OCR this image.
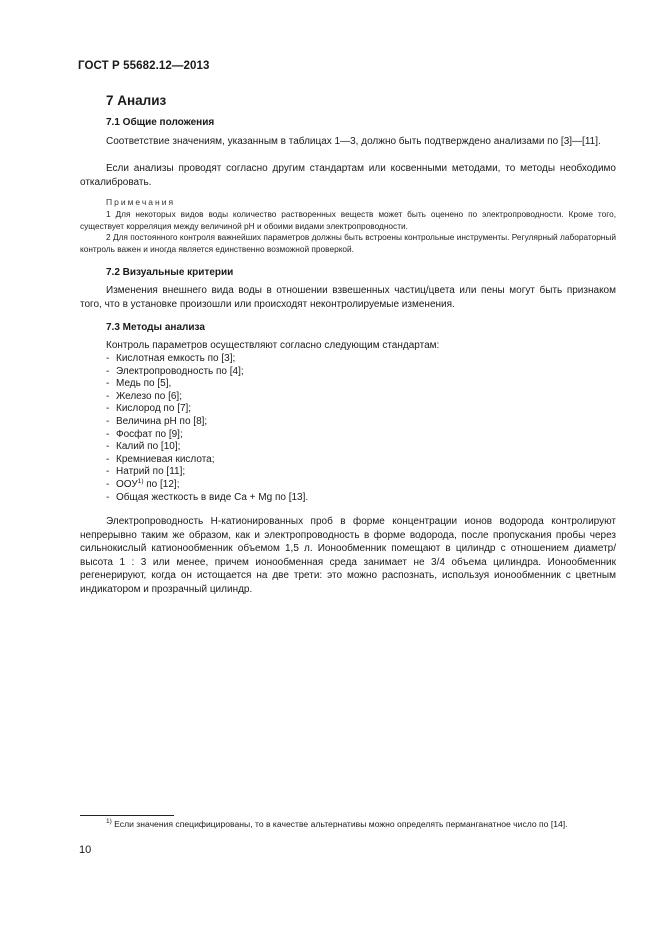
ГОСТ Р 55682.12—2013
7 Анализ
7.1 Общие положения

Соответствие значениям, указанным в таблицах 1—3, должно быть подтверждено анализами по [3]—[11].

Если анализы проводят согласно другим стандартам или косвенными методами, то методы необходимо откалибровать.

Примечания

1 Для некоторых видов воды количество растворенных веществ может быть оценено по электропроводности. Кроме того, существует корреляция между величиной pH и обоими видами электропроводности.

2 Для постоянного контроля важнейших параметров должны быть встроены контрольные инструменты. Регулярный лабораторный контроль важен и иногда является единственно возможной проверкой.

7.2 Визуальные критерии

Изменения внешнего вида воды в отношении взвешенных частиц/цвета или пены могут быть признаком того, что в установке произошли или происходят неконтролируемые изменения.

7.3 Методы анализа

Контроль параметров осуществляют согласно следующим стандартам:

- Кислотная емкость по [3];
- Электропроводность по [4];
- Медь по [5],
- Железо по [6];
- Кислород по [7];
- Величина pH по [8];
- Фосфат по [9];
- Калий по [10];
- Кремниевая кислота;
- Натрий по [11];
- ООУ$^{1)}$ по [12];
- Общая жесткость в виде Ca + Mg по [13].

Электропроводность Н-катионированных проб в форме концентрации ионов водорода контролируют непрерывно таким же образом, как и электропроводность в форме водорода, после пропускания пробы через сильнокислый катионообменник объемом 1,5 л. Ионообменник помещают в цилиндр с отношением диаметр/высота 1 : 3 или менее, причем ионообменная среда занимает не 3/4 объема цилиндра. Ионообменник регенерируют, когда он истощается на две трети: это можно распознать, используя ионообменник с цветным индикатором и прозрачный цилиндр.

$^{1)}$ Если значения специфицированы, то в качестве альтернативы можно определять перманганатное число по [14].

10
